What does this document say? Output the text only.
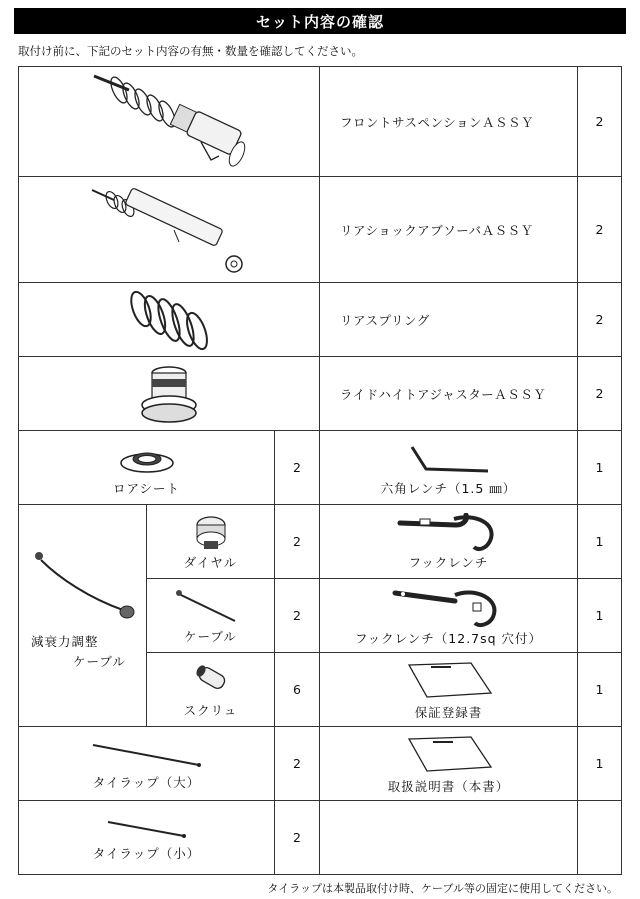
セット内容の確認
取付け前に、下記のセット内容の有無・数量を確認してください。
	フロントサスペンションＡＳＳＹ	2

	リアショックアブソーバＡＳＳＹ	2

	リアスプリング	2

	ライドハイトアジャスターＡＳＳＹ	2

ロアシート		2	六角レンチ（1.5 ㎜）	1

減衰力調整
ケーブル	ダイヤル	2	フックレンチ	1

	ケーブル	2	フックレンチ（12.7sq 穴付）	1

	スクリュ	6	保証登録書	1

タイラップ（大）		2	取扱説明書（本書）	1

タイラップ（小）		2		
タイラップは本製品取付け時、ケーブル等の固定に使用してください。
